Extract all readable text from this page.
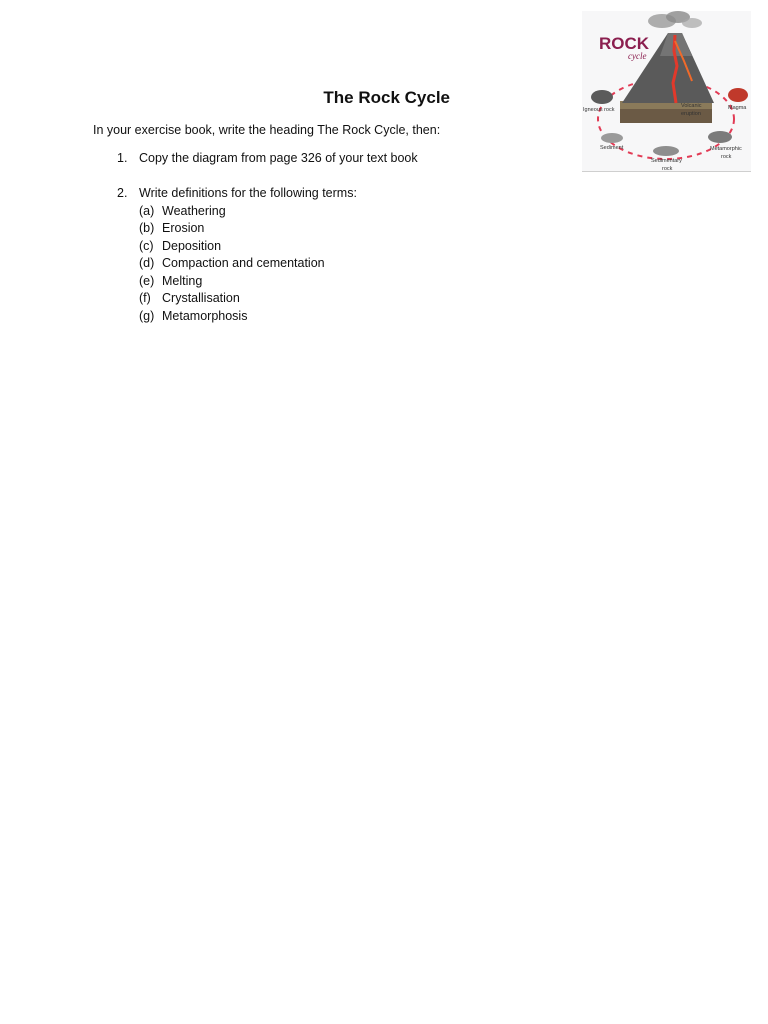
The Rock Cycle
In your exercise book, write the heading The Rock Cycle, then:
1. Copy the diagram from page 326 of your text book
2. Write definitions for the following terms:
(a) Weathering
(b) Erosion
(c) Deposition
(d) Compaction and cementation
(e) Melting
(f) Crystallisation
(g) Metamorphosis
ROCK
cycle
Igneous rock
Volcanic
eruption
Magma
Sediment	Metamorphic
rock
Sedimentary
rock
